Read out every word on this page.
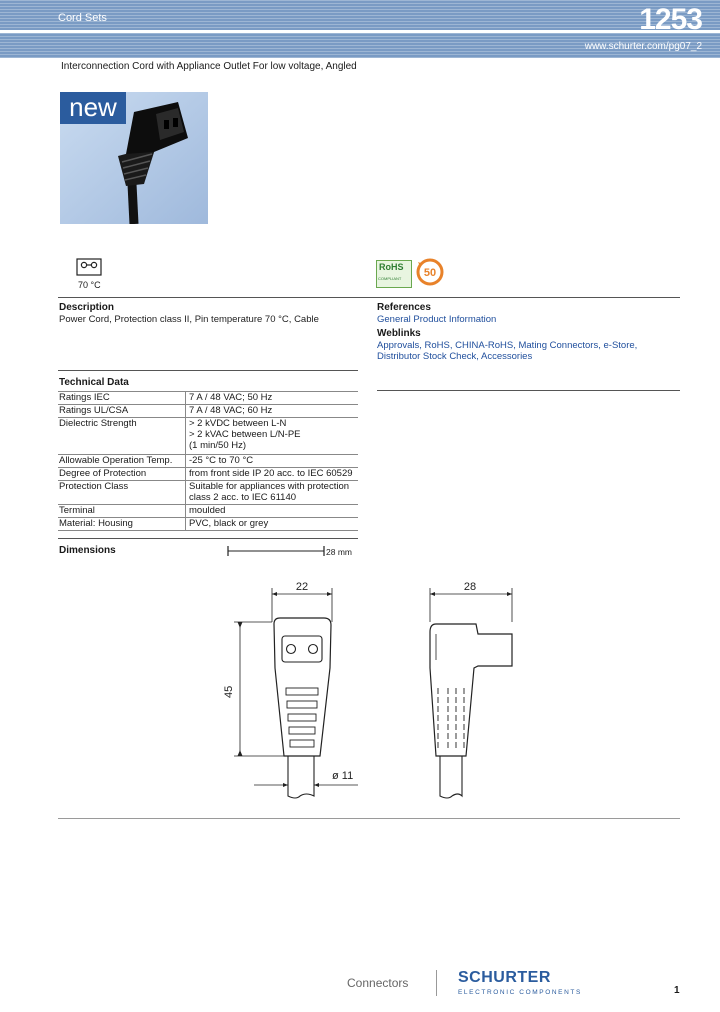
Cord Sets	1253
www.schurter.com/pg07_2
Interconnection Cord with Appliance Outlet For low voltage, Angled
new
70 °C
RoHS
COMPLIANT 50
Description
Power Cord, Protection class II, Pin temperature 70 °C, Cable
References
General Product Information
Weblinks
Approvals, RoHS, CHINA-RoHS, Mating Connectors, e-Store,
Distributor Stock Check, Accessories
Technical Data
Ratings IEC	7 A / 48 VAC; 50 Hz
Ratings UL/CSA	7 A / 48 VAC; 60 Hz
Dielectric Strength	> 2 kVDC between L-N
> 2 kVAC between L/N-PE
(1 min/50 Hz)
Allowable Operation Temp. -25 °C to 70 °C
Degree of Protection	from front side IP 20 acc. to IEC 60529
Protection Class	Suitable for appliances with protection
class 2 acc. to IEC 61140
Terminal	moulded
Material: Housing	PVC, black or grey
Dimensions	28 mm
22
ø 11
45
28
Connectors	SCHURTER
ELECTRONIC COMPONENTS	1
